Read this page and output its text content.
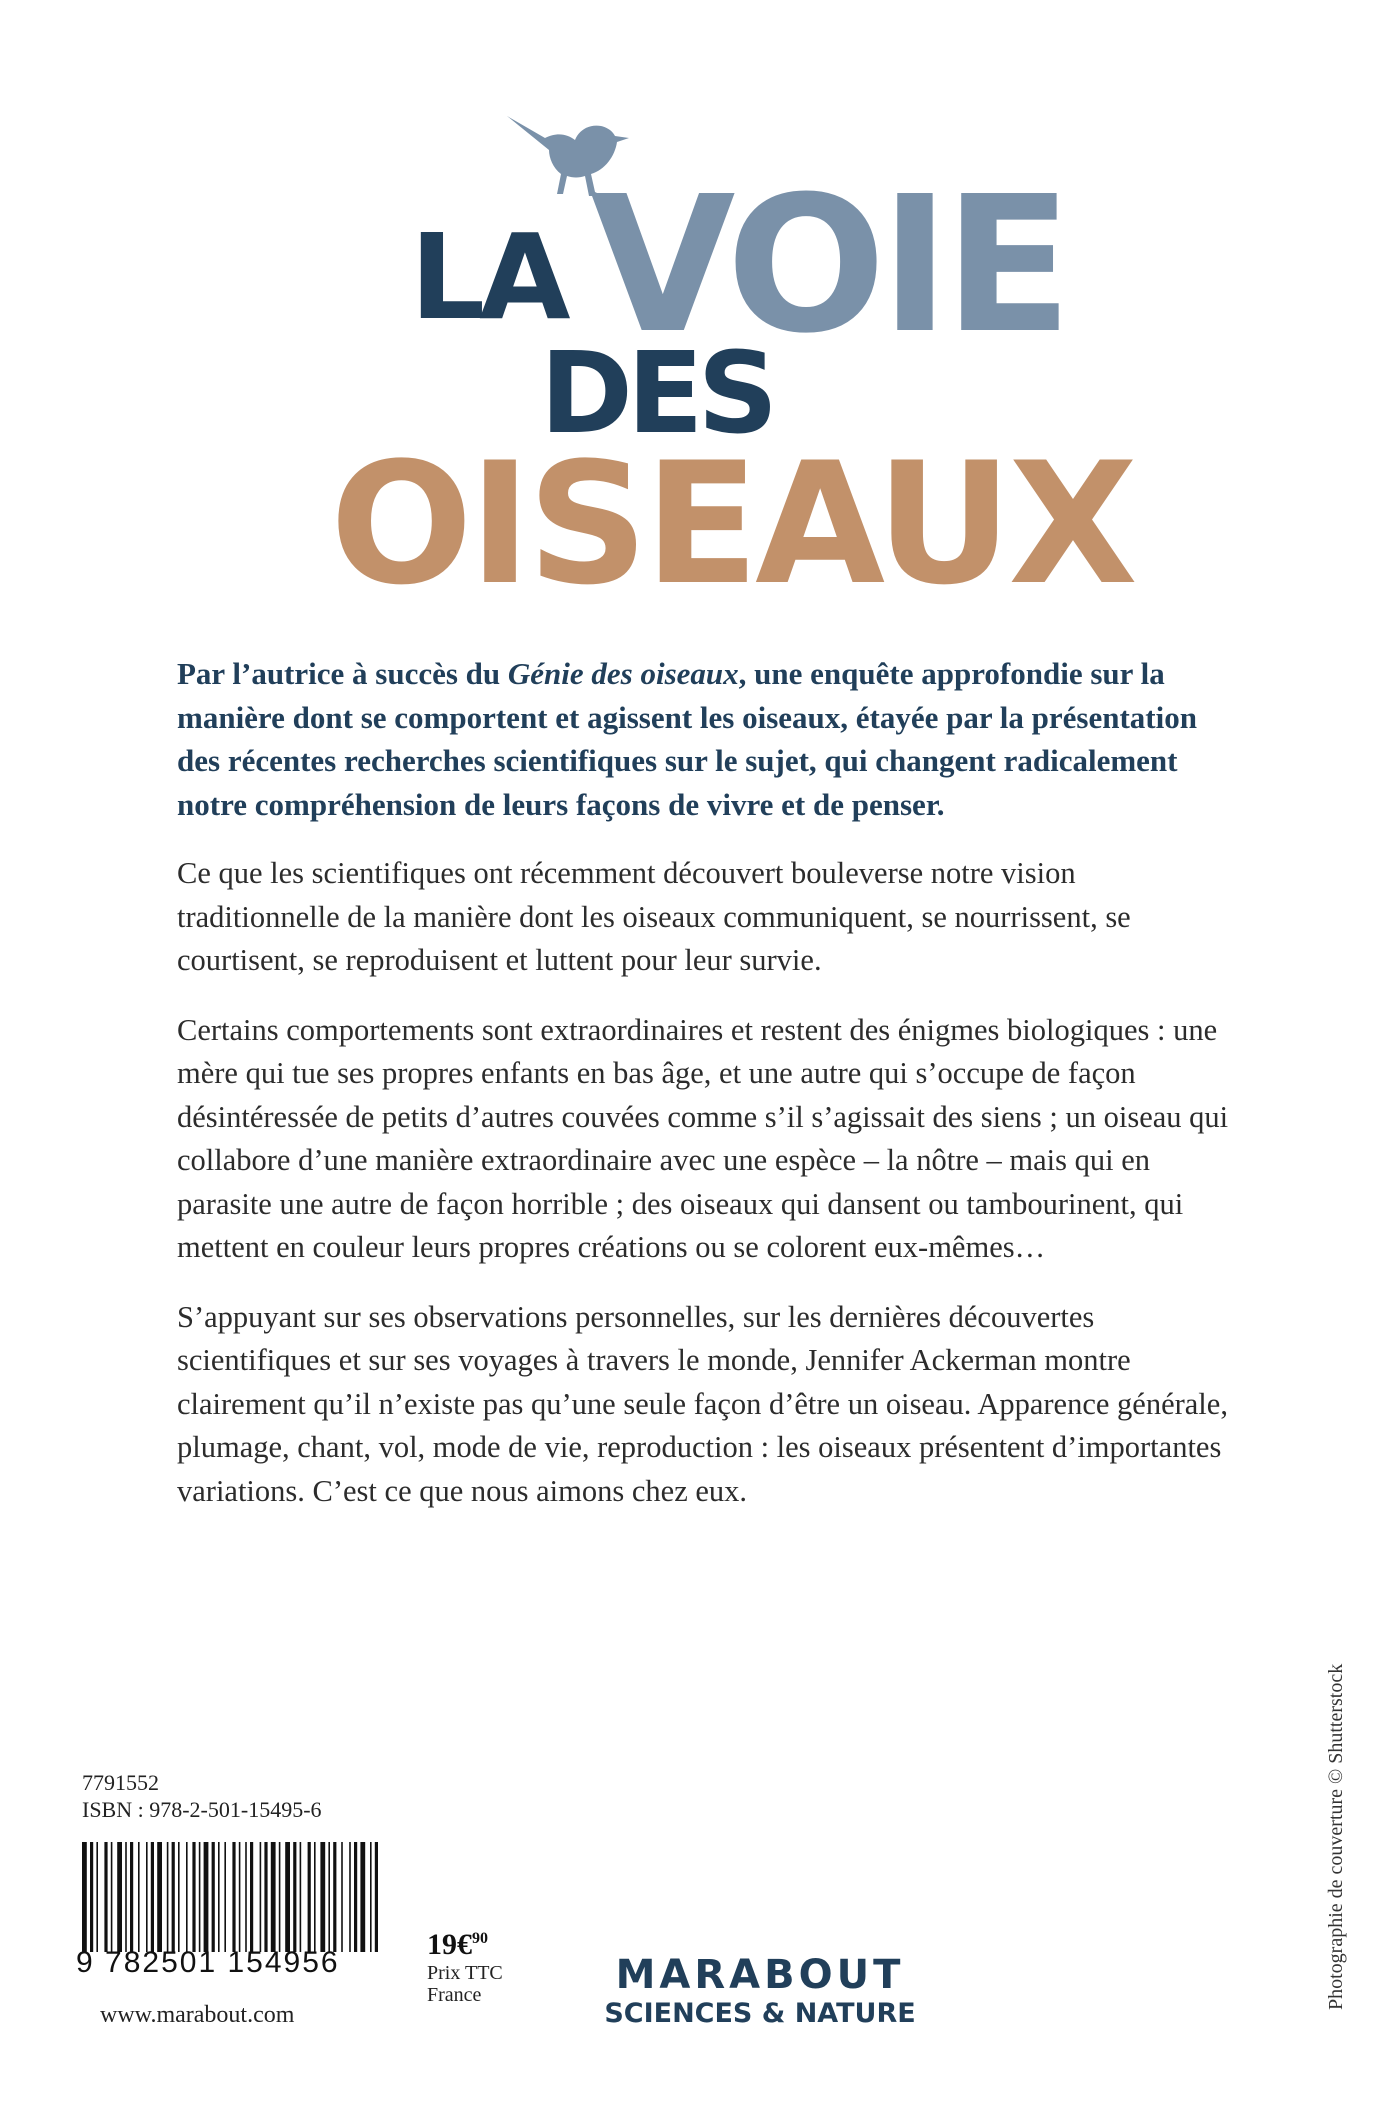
LA VOIE
DES
OISEAUX

Par l’autrice à succès du Génie des oiseaux, une enquête approfondie sur la manière dont se comportent et agissent les oiseaux, étayée par la présentation des récentes recherches scientifiques sur le sujet, qui changent radicalement notre compréhension de leurs façons de vivre et de penser.

Ce que les scientifiques ont récemment découvert bouleverse notre vision traditionnelle de la manière dont les oiseaux communiquent, se nourrissent, se courtisent, se reproduisent et luttent pour leur survie.

Certains comportements sont extraordinaires et restent des énigmes biologiques : une mère qui tue ses propres enfants en bas âge, et une autre qui s’occupe de façon désintéressée de petits d’autres couvées comme s’il s’agissait des siens ; un oiseau qui collabore d’une manière extraordinaire avec une espèce – la nôtre – mais qui en parasite une autre de façon horrible ; des oiseaux qui dansent ou tambourinent, qui mettent en couleur leurs propres créations ou se colorent eux-mêmes…

S’appuyant sur ses observations personnelles, sur les dernières découvertes scientifiques et sur ses voyages à travers le monde, Jennifer Ackerman montre clairement qu’il n’existe pas qu’une seule façon d’être un oiseau. Apparence générale, plumage, chant, vol, mode de vie, reproduction : les oiseaux présentent d’importantes variations. C’est ce que nous aimons chez eux.

7791552
ISBN : 978-2-501-15495-6
9 782501 154956
www.marabout.com
19€$^{90}$
Prix TTC
France	MARABOUT
SCIENCES & NATURE
Photographie de couverture © Shutterstock
